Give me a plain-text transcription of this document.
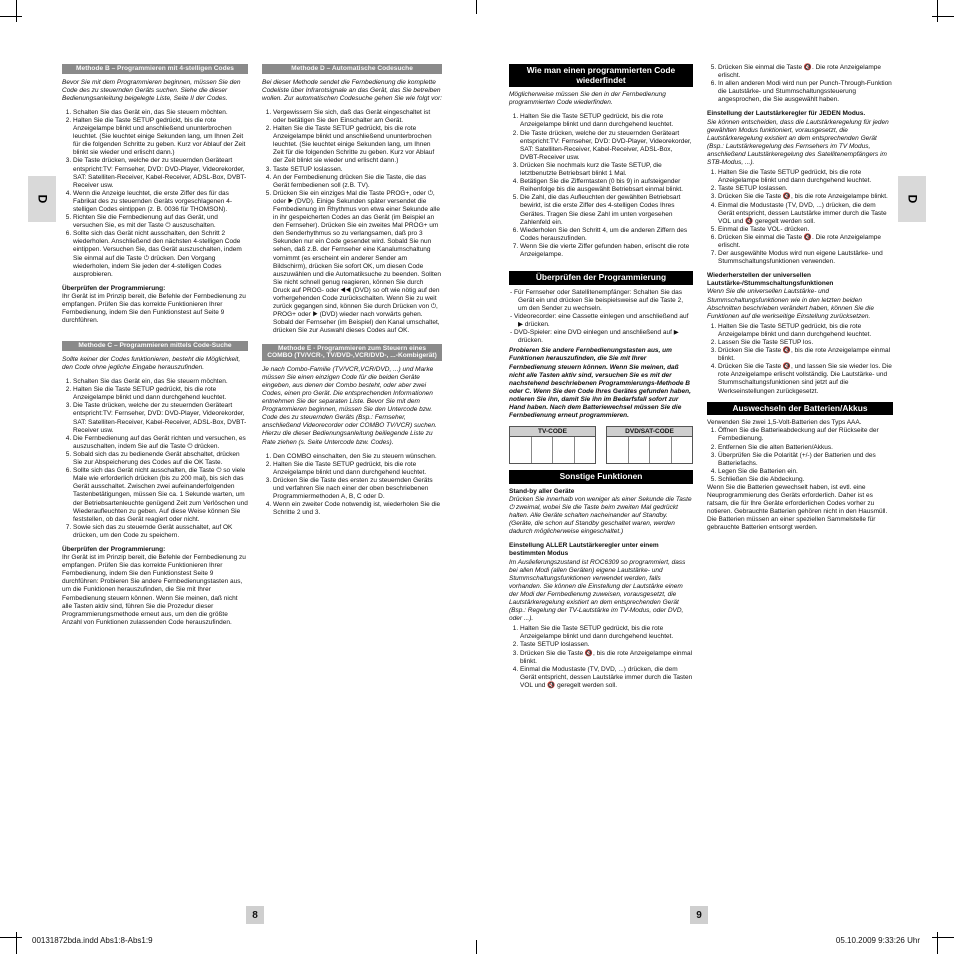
D	D
Methode B – Programmieren mit 4-stelligen Codes

Bevor Sie mit dem Programmieren beginnen, müssen Sie den Code des zu steuernden Geräts suchen. Siehe die dieser Bedienungsanleitung beigelegte Liste, Seite II der Codes.

1. Schalten Sie das Gerät ein, das Sie steuern möchten.
2. Halten Sie die Taste SETUP gedrückt, bis die rote Anzeigelampe blinkt und anschließend ununterbrochen leuchtet. (Sie leuchtet einige Sekunden lang, um Ihnen Zeit für die folgenden Schritte zu geben. Kurz vor Ablauf der Zeit blinkt sie wieder und erlischt dann.)
3. Die Taste drücken, welche der zu steuernden Geräteart entspricht:TV: Fernseher, DVD: DVD-Player, Videorekorder, SAT: Satelliten-Receiver, Kabel-Receiver, ADSL-Box, DVBT-Receiver usw.
4. Wenn die Anzeige leuchtet, die erste Ziffer des für das Fabrikat des zu steuernden Geräts vorgeschlagenen 4-stelligen Codes eintippen (z. B. 0036 für THOMSON).
5. Richten Sie die Fernbedienung auf das Gerät, und versuchen Sie, es mit der Taste ⏻ auszuschalten.
6. Sollte sich das Gerät nicht ausschalten, den Schritt 2 wiederholen. Anschließend den nächsten 4-stelligen Code eintippen. Versuchen Sie, das Gerät auszuschalten, indem Sie einmal auf die Taste ⏻ drücken. Den Vorgang wiederholen, indem Sie jeden der 4-stelligen Codes ausprobieren.
Überprüfen der Programmierung:

Ihr Gerät ist im Prinzip bereit, die Befehle der Fernbedienung zu empfangen. Prüfen Sie das korrekte Funktionieren Ihrer Fernbedienung, indem Sie den Funktionstest auf Seite 9 durchführen.

Methode C – Programmieren mittels Code-Suche

Sollte keiner der Codes funktionieren, besteht die Möglichkeit, den Code ohne jegliche Eingabe herauszufinden.

1. Schalten Sie das Gerät ein, das Sie steuern möchten.
2. Halten Sie die Taste SETUP gedrückt, bis die rote Anzeigelampe blinkt und dann durchgehend leuchtet.
3. Die Taste drücken, welche der zu steuernden Geräteart entspricht:TV: Fernseher, DVD: DVD-Player, Videorekorder, SAT: Satelliten-Receiver, Kabel-Receiver, ADSL-Box, DVBT-Receiver usw.
4. Die Fernbedienung auf das Gerät richten und versuchen, es auszuschalten, indem Sie auf die Taste ⏻ drücken.
5. Sobald sich das zu bedienende Gerät abschaltet, drücken Sie zur Abspeicherung des Codes auf die OK Taste.
6. Sollte sich das Gerät nicht ausschalten, die Taste ⏻ so viele Male wie erforderlich drücken (bis zu 200 mal), bis sich das Gerät ausschaltet. Zwischen zwei aufeinanderfolgenden Tastenbetätigungen, müssen Sie ca. 1 Sekunde warten, um der Betriebsartenleuchte genügend Zeit zum Verlöschen und Wiederaufleuchten zu geben. Auf diese Weise können Sie feststellen, ob das Gerät reagiert oder nicht.
7. Sowie sich das zu steuernde Gerät ausschaltet, auf OK drücken, um den Code zu speichern.
Überprüfen der Programmierung:

Ihr Gerät ist im Prinzip bereit, die Befehle der Fernbedienung zu empfangen. Prüfen Sie das korrekte Funktionieren Ihrer Fernbedienung, indem Sie den Funktionstest Seite 9 durchführen: Probieren Sie andere Fernbedienungstasten aus, um die Funktionen herauszufinden, die Sie mit Ihrer Fernbedienung steuern können. Wenn Sie meinen, daß nicht alle Tasten aktiv sind, führen Sie die Prozedur dieser Programmierungsmethode erneut aus, um den die größte Anzahl von Funktionen zulassenden Code herauszufinden.

Methode D – Automatische Codesuche

Bei dieser Methode sendet die Fernbedienung die komplette Codeliste über Infrarotsignale an das Gerät, das Sie betreiben wollen. Zur automatischen Codesuche gehen Sie wie folgt vor:

1. Vergewissern Sie sich, daß das Gerät eingeschaltet ist oder betätigen Sie den Einschalter am Gerät.
2. Halten Sie die Taste SETUP gedrückt, bis die rote Anzeigelampe blinkt und anschließend ununterbrochen leuchtet. (Sie leuchtet einige Sekunden lang, um Ihnen Zeit für die folgenden Schritte zu geben. Kurz vor Ablauf der Zeit blinkt sie wieder und erlischt dann.)
3. Taste SETUP loslassen.
4. An der Fernbedienung drücken Sie die Taste, die das Gerät fernbedienen soll (z.B. TV).
5. Drücken Sie ein einziges Mal die Taste PROG+, oder ⏻, oder ▶ (DVD). Einige Sekunden später versendet die Fernbedienung im Rhythmus von etwa einer Sekunde alle in ihr gespeicherten Codes an das Gerät (im Beispiel an den Fernseher). Drücken Sie ein zweites Mal PROG+ um den Senderhythmus so zu verlangsamen, daß pro 3 Sekunden nur ein Code gesendet wird. Sobald Sie nun sehen, daß z.B. der Fernseher eine Kanalumschaltung vornimmt (es erscheint ein anderer Sender am Bildschirm), drücken Sie sofort OK, um diesen Code auszuwählen und die Automatiksuche zu beenden. Sollten Sie nicht schnell genug reagieren, können Sie durch Druck auf PROG- oder ◀◀ (DVD) so oft wie nötig auf den vorhergehenden Code zurückschalten. Wenn Sie zu weit zurück gegangen sind, können Sie durch Drücken von ⏻, PROG+ oder ▶ (DVD) wieder nach vorwärts gehen. Sobald der Fernseher (im Beispiel) den Kanal umschaltet, drücken Sie zur Auswahl dieses Codes auf OK.
Methode E - Programmieren zum Steuern eines COMBO (TV/VCR-, TV/DVD-,VCR/DVD-, ...-Kombigerät)

Je nach Combo-Familie (TV/VCR,VCR/DVD, ...) und Marke müssen Sie einen einzigen Code für die beiden Geräte eingeben, aus denen der Combo besteht, oder aber zwei Codes, einen pro Gerät. Die entsprechenden Informationen entnehmen Sie der separaten Liste. Bevor Sie mit dem Programmieren beginnen, müssen Sie den Untercode bzw. Code des zu steuernden Geräts (Bsp.: Fernseher, anschließend Videorecorder oder COMBO TV/VCR) suchen. Hierzu die dieser Bedienungsanleitung beiliegende Liste zu Rate ziehen (s. Seite Untercode bzw. Codes).

1. Den COMBO einschalten, den Sie zu steuern wünschen.
2. Halten Sie die Taste SETUP gedrückt, bis die rote Anzeigelampe blinkt und dann durchgehend leuchtet.
3. Drücken Sie die Taste des ersten zu steuernden Geräts und verfahren Sie nach einer der oben beschriebenen Programmiermethoden A, B, C oder D.
4. Wenn ein zweiter Code notwendig ist, wiederholen Sie die Schritte 2 und 3.
8
Wie man einen programmierten Code wiederfindet

Möglicherweise müssen Sie den in der Fernbedienung programmierten Code wiederfinden.

1. Halten Sie die Taste SETUP gedrückt, bis die rote Anzeigelampe blinkt und dann durchgehend leuchtet.
2. Die Taste drücken, welche der zu steuernden Geräteart entspricht:TV: Fernseher, DVD: DVD-Player, Videorekorder, SAT: Satelliten-Receiver, Kabel-Receiver, ADSL-Box, DVBT-Receiver usw.
3. Drücken Sie nochmals kurz die Taste SETUP, die letztbenutzte Betriebsart blinkt 1 Mal.
4. Betätigen Sie die Zifferntasten (0 bis 9) in aufsteigender Reihenfolge bis die ausgewählt Betriebsart einmal blinkt.
5. Die Zahl, die das Aufleuchten der gewählten Betriebsart bewirkt, ist die erste Ziffer des 4-stelligen Codes Ihres Gerätes. Tragen Sie diese Zahl im unten vorgesehen Zahlenfeld ein.
6. Wiederholen Sie den Schritt 4, um die anderen Ziffern des Codes herauszufinden.
7. Wenn Sie die vierte Ziffer gefunden haben, erlischt die rote Anzeigelampe.
Überprüfen der Programmierung
- Für Fernseher oder Satellitenempfänger: Schalten Sie das Gerät ein und drücken Sie beispielsweise auf die Taste 2, um den Sender zu wechseln.
- Videorecorder: eine Cassette einlegen und anschließend auf ▶ drücken.
- DVD-Spieler: eine DVD einlegen und anschließend auf ▶ drücken.

Probieren Sie andere Fernbedienungstasten aus, um Funktionen herauszufinden, die Sie mit Ihrer Fernbedienung steuern können. Wenn Sie meinen, daß nicht alle Tasten aktiv sind, versuchen Sie es mit der nachstehend beschriebenen Programmierungs-Methode B oder C. Wenn Sie den Code Ihres Gerätes gefunden haben, notieren Sie ihn, damit Sie ihn im Bedarfsfall sofort zur Hand haben. Nach dem Batteriewechsel müssen Sie die Fernbedienung erneut programmieren.

TV-CODE	DVD/SAT-CODE
Sonstige Funktionen
Stand-by aller Geräte

Drücken Sie innerhalb von weniger als einer Sekunde die Taste ⏻ zweimal, wobei Sie die Taste beim zweiten Mal gedrückt halten. Alle Geräte schalten nacheinander auf Standby. (Geräte, die schon auf Standby geschaltet waren, werden dadurch möglicherweise eingeschaltet.)

Einstellung ALLER Lautstärkeregler unter einem bestimmten Modus

Im Auslieferungszustand ist ROC6309 so programmiert, dass bei allen Modi (allen Geräten) eigene Lautstärke- und Stummschaltungsfunktionen verwendet werden, falls vorhanden. Sie können die Einstellung der Lautstärke einem der Modi der Fernbedienung zuweisen, vorausgesetzt, die Lautstärkeregelung existiert an dem entsprechenden Gerät (Bsp.: Regelung der TV-Lautstärke im TV-Modus, oder DVD, oder ...).

1. Halten Sie die Taste SETUP gedrückt, bis die rote Anzeigelampe blinkt und dann durchgehend leuchtet.
2. Taste SETUP loslassen.
3. Drücken Sie die Taste 🔇, bis die rote Anzeigelampe einmal blinkt.
4. Einmal die Modustaste (TV, DVD, ...) drücken, die dem Gerät entspricht, dessen Lautstärke immer durch die Tasten VOL und 🔇 geregelt werden soll.
5. Drücken Sie einmal die Taste 🔇. Die rote Anzeigelampe erlischt.
6. In allen anderen Modi wird nun per Punch-Through-Funktion die Lautstärke- und Stummschaltungssteuerung angesprochen, die Sie ausgewählt haben.
Einstellung der Lautstärkeregler für JEDEN Modus.

Sie können entscheiden, dass die Lautstärkeregelung für jeden gewählten Modus funktioniert, vorausgesetzt, die Lautstärkeregelung existiert an dem entsprechenden Gerät (Bsp.: Lautstärkeregelung des Fernsehers im TV Modus, anschließend Lautstärkeregelung des Satellitenempfängers im STB-Modus, ...).

1. Halten Sie die Taste SETUP gedrückt, bis die rote Anzeigelampe blinkt und dann durchgehend leuchtet.
2. Taste SETUP loslassen.
3. Drücken Sie die Taste 🔇, bis die rote Anzeigelampe blinkt.
4. Einmal die Modustaste (TV, DVD, ...) drücken, die dem Gerät entspricht, dessen Lautstärke immer durch die Taste VOL und 🔇 geregelt werden soll.
5. Einmal die Taste VOL- drücken.
6. Drücken Sie einmal die Taste 🔇. Die rote Anzeigelampe erlischt.
7. Der ausgewählte Modus wird nun eigene Lautstärke- und Stummschaltungsfunktionen verwenden.
Wiederherstellen der universellen Lautstärke-/Stummschaltungsfunktionen

Wenn Sie die universellen Lautstärke- und Stummschaltungsfunktionen wie in den letzten beiden Abschnitten beschrieben verändert haben, können Sie die Funktionen auf die werkseitige Einstellung zurücksetzen.

1. Halten Sie die Taste SETUP gedrückt, bis die rote Anzeigelampe blinkt und dann durchgehend leuchtet.
2. Lassen Sie die Taste SETUP los.
3. Drücken Sie die Taste 🔇, bis die rote Anzeigelampe einmal blinkt.
4. Drücken Sie die Taste 🔇, und lassen Sie sie wieder los. Die rote Anzeigelampe erlischt vollständig. Die Lautstärke- und Stummschaltungsfunktionen sind jetzt auf die Werkseinstellungen zurückgesetzt.
Auswechseln der Batterien/Akkus

Verwenden Sie zwei 1,5-Volt-Batterien des Typs AAA.

1. Öffnen Sie die Batterieabdeckung auf der Rückseite der Fernbedienung.
2. Entfernen Sie die alten Batterien/Akkus.
3. Überprüfen Sie die Polarität (+/-) der Batterien und des Batteriefachs.
4. Legen Sie die Batterien ein.
5. Schließen Sie die Abdeckung.

Wenn Sie die Batterien gewechselt haben, ist evtl. eine Neuprogrammierung des Geräts erforderlich. Daher ist es ratsam, die für Ihre Geräte erforderlichen Codes vorher zu notieren. Gebrauchte Batterien gehören nicht in den Hausmüll. Die Batterien müssen an einer speziellen Sammelstelle für gebrauchte Batterien entsorgt werden.

9
00131872bda.indd Abs1:8-Abs1:9	05.10.2009 9:33:26 Uhr
